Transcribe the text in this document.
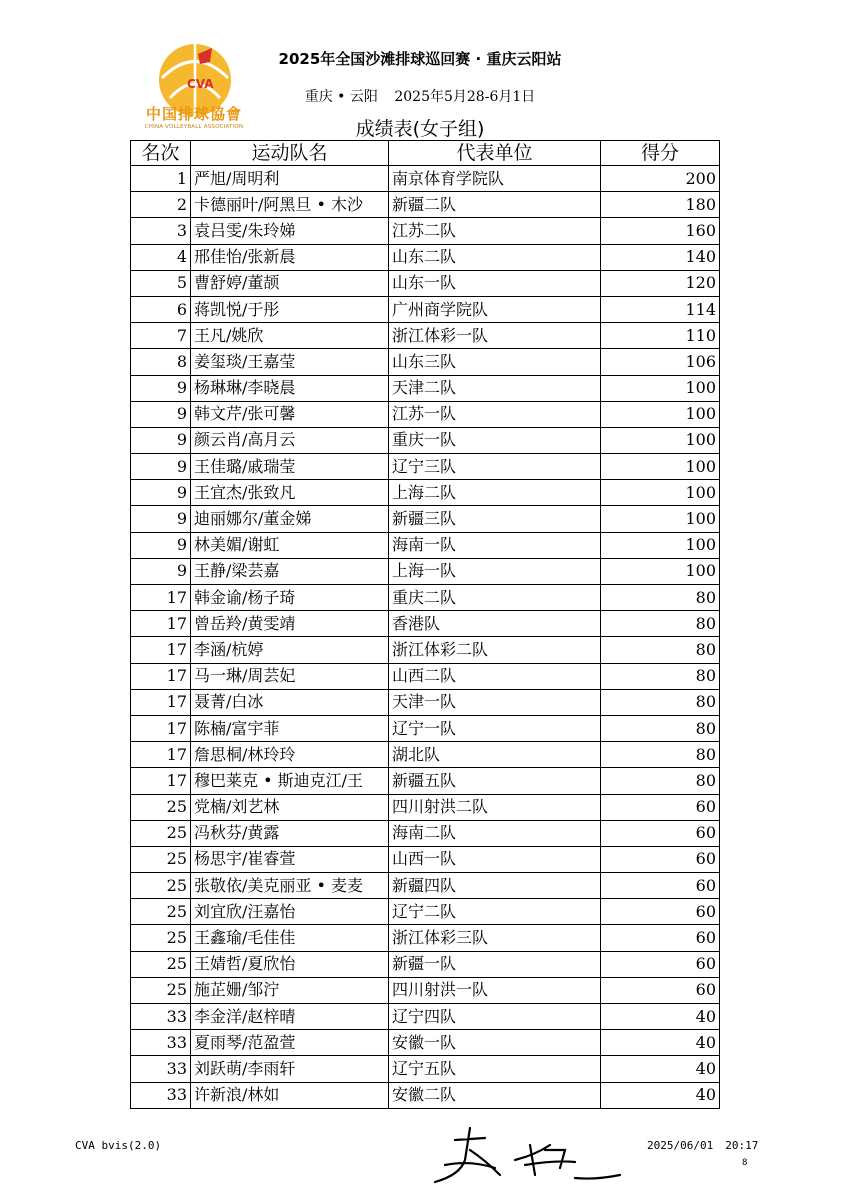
CVA
中国排球協會
CHINA VOLLEYBALL ASSOCIATION
2025年全国沙滩排球巡回赛 · 重庆云阳站
重庆 • 云阳 2025年5月28-6月1日
成绩表(女子组)
名次	运动队名	代表单位	得分
1	严旭/周明利	南京体育学院队	200
2	卡德丽叶/阿黑旦 • 木沙	新疆二队	180
3	袁吕雯/朱玲娣	江苏二队	160
4	邢佳怡/张新晨	山东二队	140
5	曹舒婷/董颉	山东一队	120
6	蒋凯悦/于彤	广州商学院队	114
7	王凡/姚欣	浙江体彩一队	110
8	姜玺琰/王嘉莹	山东三队	106
9	杨琳琳/李晓晨	天津二队	100
9	韩文芹/张可馨	江苏一队	100
9	颜云肖/高月云	重庆一队	100
9	王佳璐/戚瑞莹	辽宁三队	100
9	王宜杰/张致凡	上海二队	100
9	迪丽娜尔/董金娣	新疆三队	100
9	林美媚/谢虹	海南一队	100
9	王静/梁芸嘉	上海一队	100
17	韩金谕/杨子琦	重庆二队	80
17	曾岳羚/黄雯靖	香港队	80
17	李涵/杭婷	浙江体彩二队	80
17	马一琳/周芸妃	山西二队	80
17	聂菁/白冰	天津一队	80
17	陈楠/富宇菲	辽宁一队	80
17	詹思桐/林玲玲	湖北队	80
17	穆巴莱克 • 斯迪克江/王	新疆五队	80
25	党楠/刘艺林	四川射洪二队	60
25	冯秋芬/黄露	海南二队	60
25	杨思宇/崔睿萱	山西一队	60
25	张敬依/美克丽亚 • 麦麦	新疆四队	60
25	刘宜欣/汪嘉怡	辽宁二队	60
25	王鑫瑜/毛佳佳	浙江体彩三队	60
25	王婧哲/夏欣怡	新疆一队	60
25	施芷姗/邹泞	四川射洪一队	60
33	李金洋/赵梓晴	辽宁四队	40
33	夏雨琴/范盈萱	安徽一队	40
33	刘跃萌/李雨轩	辽宁五队	40
33	许新浪/林如	安徽二队	40
CVA bvis(2.0)	2025/06/01 20:17
8
